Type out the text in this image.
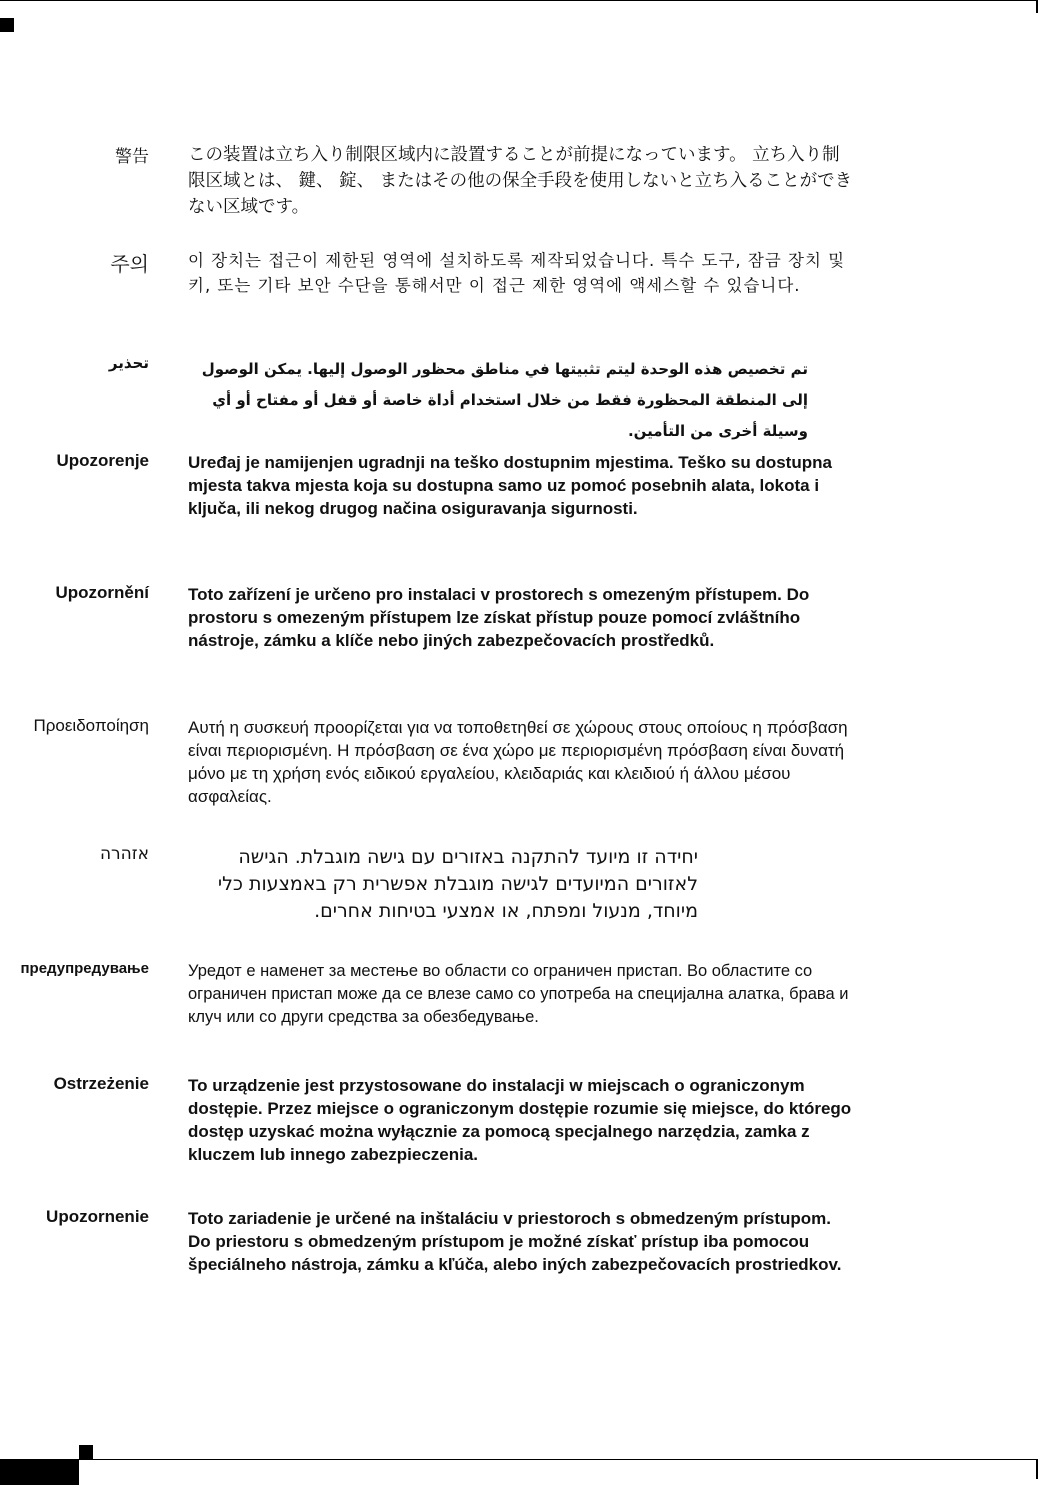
警告 この装置は立ち入り制限区域内に設置することが前提になっています。 立ち入り制限区域とは、 鍵、 錠、 またはその他の保全手段を使用しないと立ち入ることができない区域です。
주의 이 장치는 접근이 제한된 영역에 설치하도록 제작되었습니다. 특수 도구, 잠금 장치 및 키, 또는 기타 보안 수단을 통해서만 이 접근 제한 영역에 액세스할 수 있습니다.
تحذير	تم تخصيص هذه الوحدة ليتم تثبيتها في مناطق محظور الوصول إليها. يمكن الوصول إلى المنطقة المحظورة فقط من خلال استخدام أداة خاصة أو قفل أو مفتاح أو أي وسيلة أخرى من التأمين.
Upozorenje Uređaj je namijenjen ugradnji na teško dostupnim mjestima. Teško su dostupna mjesta takva mjesta koja su dostupna samo uz pomoć posebnih alata, lokota i ključa, ili nekog drugog načina osiguravanja sigurnosti.
Upozornění Toto zařízení je určeno pro instalaci v prostorech s omezeným přístupem. Do prostoru s omezeným přístupem lze získat přístup pouze pomocí zvláštního nástroje, zámku a klíče nebo jiných zabezpečovacích prostředků.
Προειδοποίηση Αυτή η συσκευή προορίζεται για να τοποθετηθεί σε χώρους στους οποίους η πρόσβαση είναι περιορισμένη. Η πρόσβαση σε ένα χώρο με περιορισμένη πρόσβαση είναι δυνατή μόνο με τη χρήση ενός ειδικού εργαλείου, κλειδαριάς και κλειδιού ή άλλου μέσου ασφαλείας.
אזהרה	יחידה זו מיועד להתקנה באזורים עם גישה מוגבלת. הגישה לאזורים המיועדים לגישה מוגבלת אפשרית רק באמצעות כלי מיוחד, מנעול ומפתח, או אמצעי בטיחות אחרים.
предупредување Уредот е наменет за местење во области со ограничен пристап. Во областите со ограничен пристап може да се влезе само со употреба на специјална алатка, брава и клуч или со други средства за обезбедување.
Ostrzeżenie To urządzenie jest przystosowane do instalacji w miejscach o ograniczonym dostępie. Przez miejsce o ograniczonym dostępie rozumie się miejsce, do którego dostęp uzyskać można wyłącznie za pomocą specjalnego narzędzia, zamka z kluczem lub innego zabezpieczenia.
Upozornenie Toto zariadenie je určené na inštaláciu v priestoroch s obmedzeným prístupom. Do priestoru s obmedzeným prístupom je možné získať prístup iba pomocou špeciálneho nástroja, zámku a kľúča, alebo iných zabezpečovacích prostriedkov.
